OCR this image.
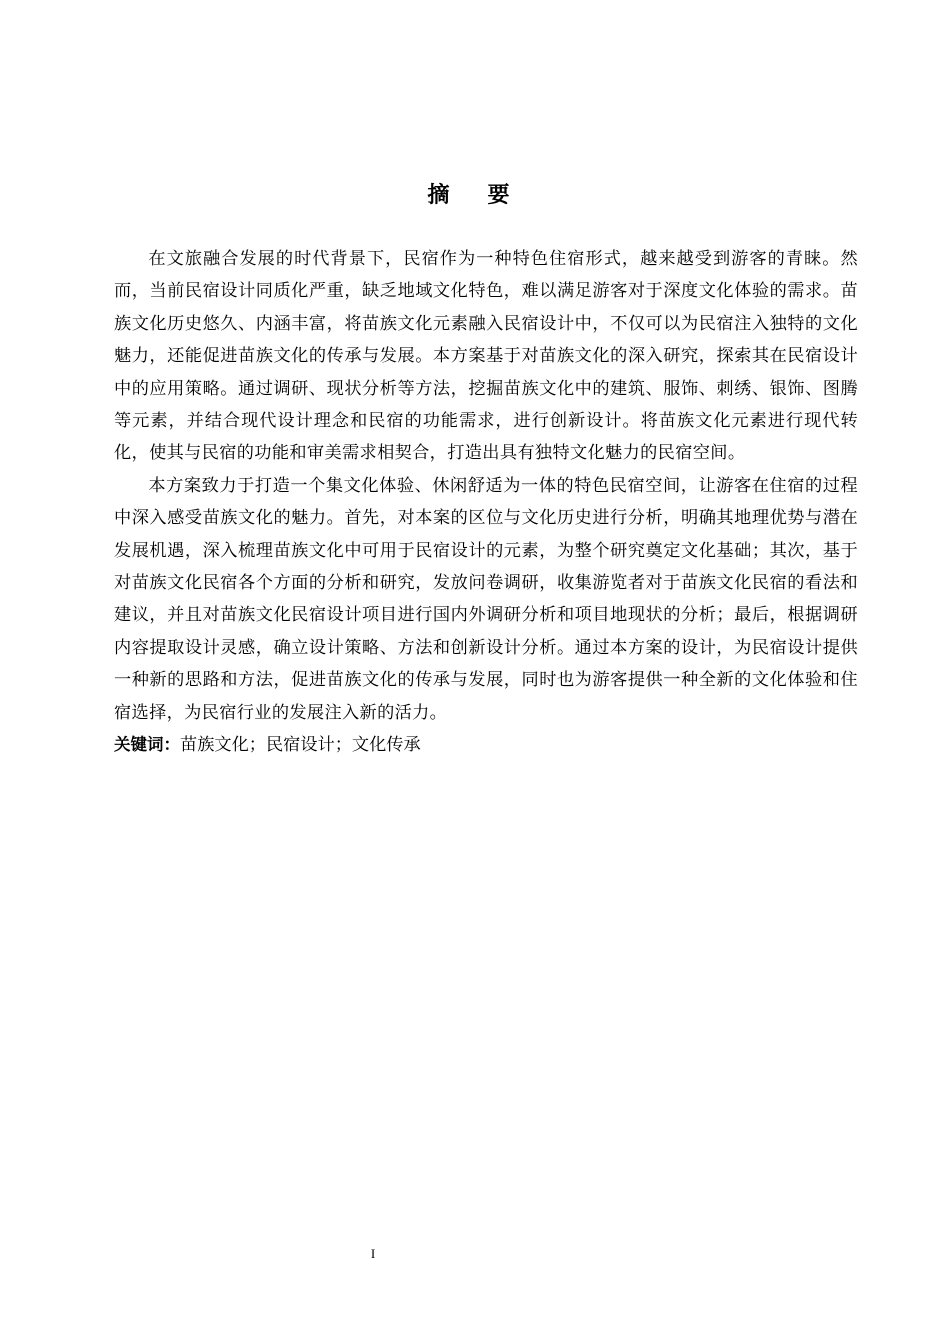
摘要

在文旅融合发展的时代背景下，民宿作为一种特色住宿形式，越来越受到游客的青睐。然而，当前民宿设计同质化严重，缺乏地域文化特色，难以满足游客对于深度文化体验的需求。苗族文化历史悠久、内涵丰富，将苗族文化元素融入民宿设计中，不仅可以为民宿注入独特的文化魅力，还能促进苗族文化的传承与发展。本方案基于对苗族文化的深入研究，探索其在民宿设计中的应用策略。通过调研、现状分析等方法，挖掘苗族文化中的建筑、服饰、刺绣、银饰、图腾等元素，并结合现代设计理念和民宿的功能需求，进行创新设计。将苗族文化元素进行现代转化，使其与民宿的功能和审美需求相契合，打造出具有独特文化魅力的民宿空间。

本方案致力于打造一个集文化体验、休闲舒适为一体的特色民宿空间，让游客在住宿的过程中深入感受苗族文化的魅力。首先，对本案的区位与文化历史进行分析，明确其地理优势与潜在发展机遇，深入梳理苗族文化中可用于民宿设计的元素，为整个研究奠定文化基础；其次，基于对苗族文化民宿各个方面的分析和研究，发放问卷调研，收集游览者对于苗族文化民宿的看法和建议，并且对苗族文化民宿设计项目进行国内外调研分析和项目地现状的分析；最后，根据调研内容提取设计灵感，确立设计策略、方法和创新设计分析。通过本方案的设计，为民宿设计提供一种新的思路和方法，促进苗族文化的传承与发展，同时也为游客提供一种全新的文化体验和住宿选择，为民宿行业的发展注入新的活力。

关键词：苗族文化；民宿设计；文化传承

I
